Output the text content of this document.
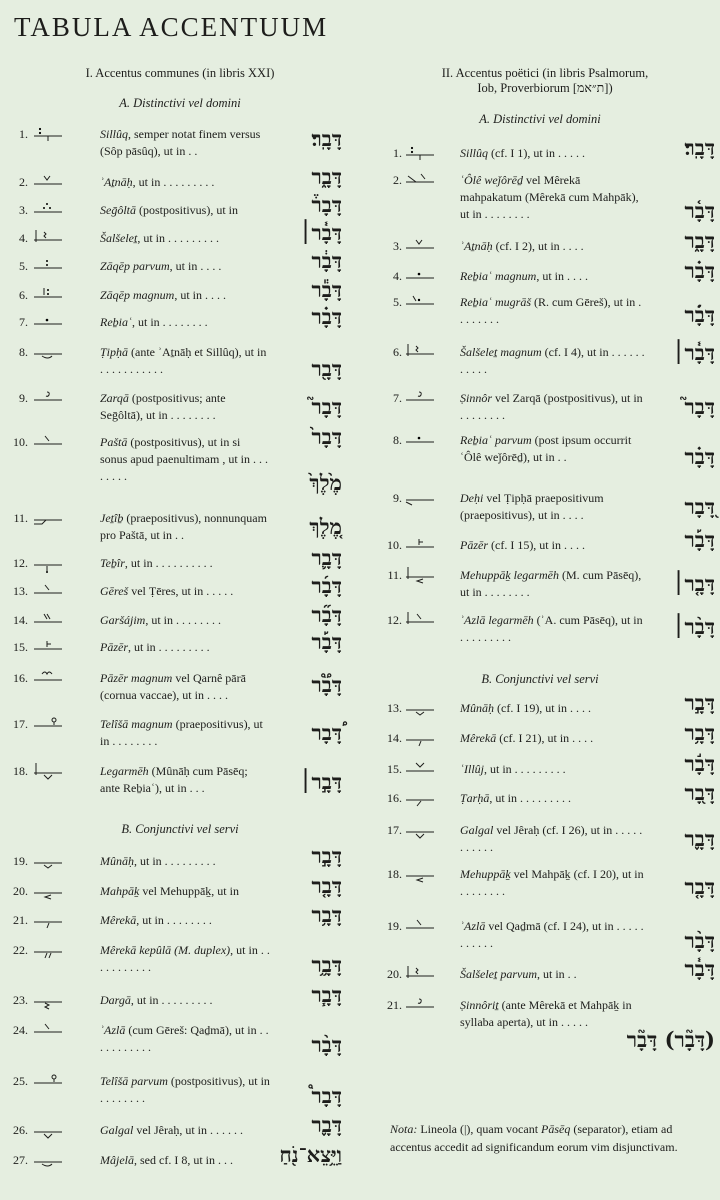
TABULA ACCENTUUM
I. Accentus communes (in libris XXI)
A. Distinctivi vel domini
B. Conjunctivi vel servi
1.	Sillûq, semper notat finem versus (Sôp pāsûq), ut in . .	דָּבָֽר׃
2.	ʾAṯnāḥ, ut in . . . . . . . . .	דָּבָ֑ר
3.	Seḡôltā (postpositivus), ut in	דָּבָר֒
4.	Šalšeleṯ, ut in . . . . . . . . .	דָּבָ֓ר׀
5.	Zāqēp parvum, ut in . . . .	דָּבָ֔ר
6.	Zāqēp magnum, ut in . . . .	דָּבָ֕ר
7.	Reḇiaʿ, ut in . . . . . . . .	דָּבָ֗ר
8.	Ṭipḥā (ante ʾAṯnāḥ et Sillûq), ut in . . . . . . . . . . .	דָּבָ֖ר
9.	Zarqā (postpositivus; ante Seḡôltā), ut in . . . . . . . .	דָּבָר֮
10.	Paštā (postpositivus), ut in si sonus apud paenultimam , ut in . . . . . . . .
דָּבָר֙
מֶ֙לֶךְ֙
11.	Jeṯîḇ (praepositivus), nonnunquam pro Paštā, ut in . .	מֶ֚לֶךְ
12.	Teḇîr, ut in . . . . . . . . . .	דָּבָ֛ר
13.	Gēreš vel Ṭēres, ut in . . . . .	דָּבָ֜ר
14.	Garšájim, ut in . . . . . . . .	דָּבָ֞ר
15.	Pāzēr, ut in . . . . . . . . .	דָּבָ֡ר
16.	Pāzēr magnum vel Qarnê pārā (cornua vaccae), ut in . . . .	דָּבָ֟ר
17.	Telîšā magnum (praepositivus), ut in . . . . . . . .	֠דָּבָר
18.	Legarmēh (Mûnāḥ cum Pāsēq; ante Reḇiaʿ), ut in . . .	דָּבָ֣ר׀
19.	Mûnāḥ, ut in . . . . . . . . .	דָּבָ֣ר
20.	Mahpāḵ vel Mehuppāḵ, ut in	דָּבָ֤ר
21.	Mêrekā, ut in . . . . . . . .	דָּבָ֥ר
22.	Mêrekā kepûlā (M. duplex), ut in . . . . . . . . . . .	דָּבָ֦ר
23.	Dargā, ut in . . . . . . . . .	דָּבָ֧ר
24.	ʾAzlā (cum Gēreš: Qaḏmā), ut in . . . . . . . . . . .	דָּבָ֨ר
25.	Telîšā parvum (postpositivus), ut in . . . . . . . .	דָּבָר֩
26.	Galgal vel Jêraḥ, ut in . . . . . .	דָּבָ֪ר
27.	Mâjelā, sed cf. I 8, ut in . . .	וַיֵּ֥צֵא־נֹ֖חַ
II. Accentus poëtici (in libris Psalmorum,
Iob, Proverbiorum [ת״אמ])
A. Distinctivi vel domini
B. Conjunctivi vel servi
1.	Sillûq (cf. I 1), ut in . . . . .	דָּבָֽר׃
2.	ʿÔlê weǰôrēḏ vel Mêrekā mahpakatum (Mêrekā cum Mahpāk), ut in . . . . . . . .	דָּבָ֫ר
3.	ʾAṯnāḥ (cf. I 2), ut in . . . .	דָּבָ֑ר
4.	Reḇiaʿ magnum, ut in . . . .	דָּבָ֗ר
5.	Reḇiaʿ mugrāš (R. cum Gēreš), ut in . . . . . . . .	דָּבָ֗֜ר
6.	Šalšeleṯ magnum (cf. I 4), ut in . . . . . . . . . . .
דָּבָ֓ר׀
7.	Ṣinnôr vel Zarqā (postpositivus), ut in . . . . . . . .	דָּבָר֮
8.	Reḇiaʿ parvum (post ipsum occurrit ʿÔlê weǰôrēḏ), ut in . .	דָּבָ֗ר
9.	Deḥi vel Ṭipḥā praepositivum (praepositivus), ut in . . . .	֭דָּבָר
10.	Pāzēr (cf. I 15), ut in . . . .	דָּבָ֡ר
11.	Mehuppāḵ legarmēh (M. cum Pāsēq), ut in . . . . . . . .	דָּבָ֤ר׀
12.	ʾAzlā legarmēh (ʾA. cum Pāsēq), ut in . . . . . . . . .	דָּבָ֨ר׀
13.	Mûnāḥ (cf. I 19), ut in . . . .	דָּבָ֣ר
14.	Mêrekā (cf. I 21), ut in . . . .	דָּבָ֥ר
15.	ʿIllûj, ut in . . . . . . . . .	דָּבָ֬ר
16.	Ṭarḥā, ut in . . . . . . . . .	דָּבָ֭ר
17.	Galgal vel Jêraḥ (cf. I 26), ut in . . . . . . . . . . .	דָּבָ֪ר
18.	Mehuppāḵ vel Mahpāḵ (cf. I 20), ut in . . . . . . . .	דָּבָ֤ר
19.	ʾAzlā vel Qaḏmā (cf. I 24), ut in . . . . . . . . . . .	דָּבָ֨ר
20.	Šalšeleṯ parvum, ut in . .	דָּבָ֓ר
21.	Ṣinnôriṯ (ante Mêrekā et Mahpāḵ in syllaba aperta), ut in . . . . .
(דָּבָ֘ר) דָּבָ֘ר
Nota: Lineola (|), quam vocant Pāsēq (separator), etiam ad accentus accedit ad significandum eorum vim disjunctivam.
